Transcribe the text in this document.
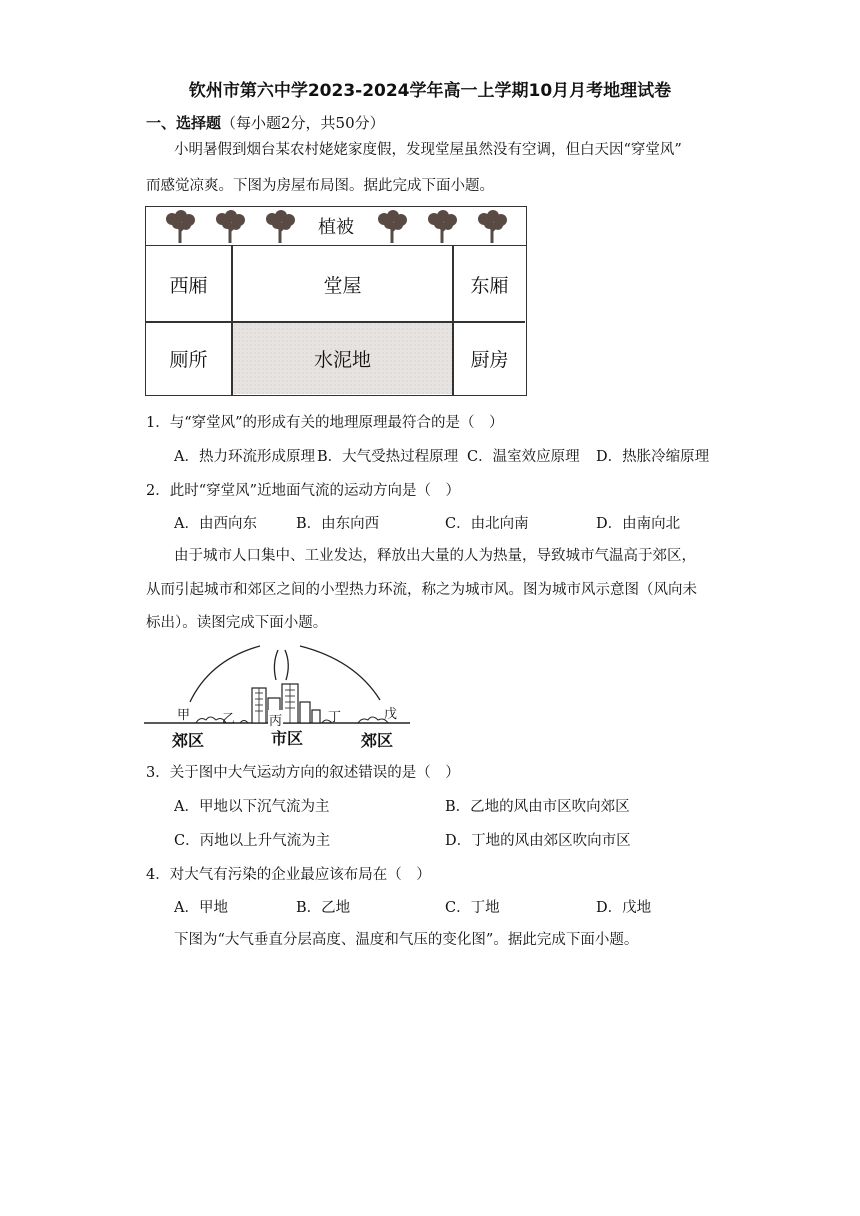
钦州市第六中学2023-2024学年高一上学期10月月考地理试卷
一、选择题（每小题2分，共50分）
小明暑假到烟台某农村姥姥家度假，发现堂屋虽然没有空调，但白天因“穿堂风”
而感觉凉爽。下图为房屋布局图。据此完成下面小题。
植被
西厢	堂屋	东厢
厕所	水泥地	厨房
1．与“穿堂风”的形成有关的地理原理最符合的是（　）
A．热力环流形成原理 B．大气受热过程原理 C．温室效应原理 D．热胀冷缩原理
2．此时“穿堂风”近地面气流的运动方向是（　）
A．由西向东	B．由东向西	C．由北向南	D．由南向北
由于城市人口集中、工业发达，释放出大量的人为热量，导致城市气温高于郊区，
从而引起城市和郊区之间的小型热力环流，称之为城市风。图为城市风示意图（风向未
标出）。读图完成下面小题。
甲 乙	丙	丁	戊
郊区	市区	郊区
3．关于图中大气运动方向的叙述错误的是（　）
A．甲地以下沉气流为主	B．乙地的风由市区吹向郊区
C．丙地以上升气流为主	D．丁地的风由郊区吹向市区
4．对大气有污染的企业最应该布局在（　）
A．甲地	B．乙地	C．丁地	D．戊地
下图为“大气垂直分层高度、温度和气压的变化图”。据此完成下面小题。
